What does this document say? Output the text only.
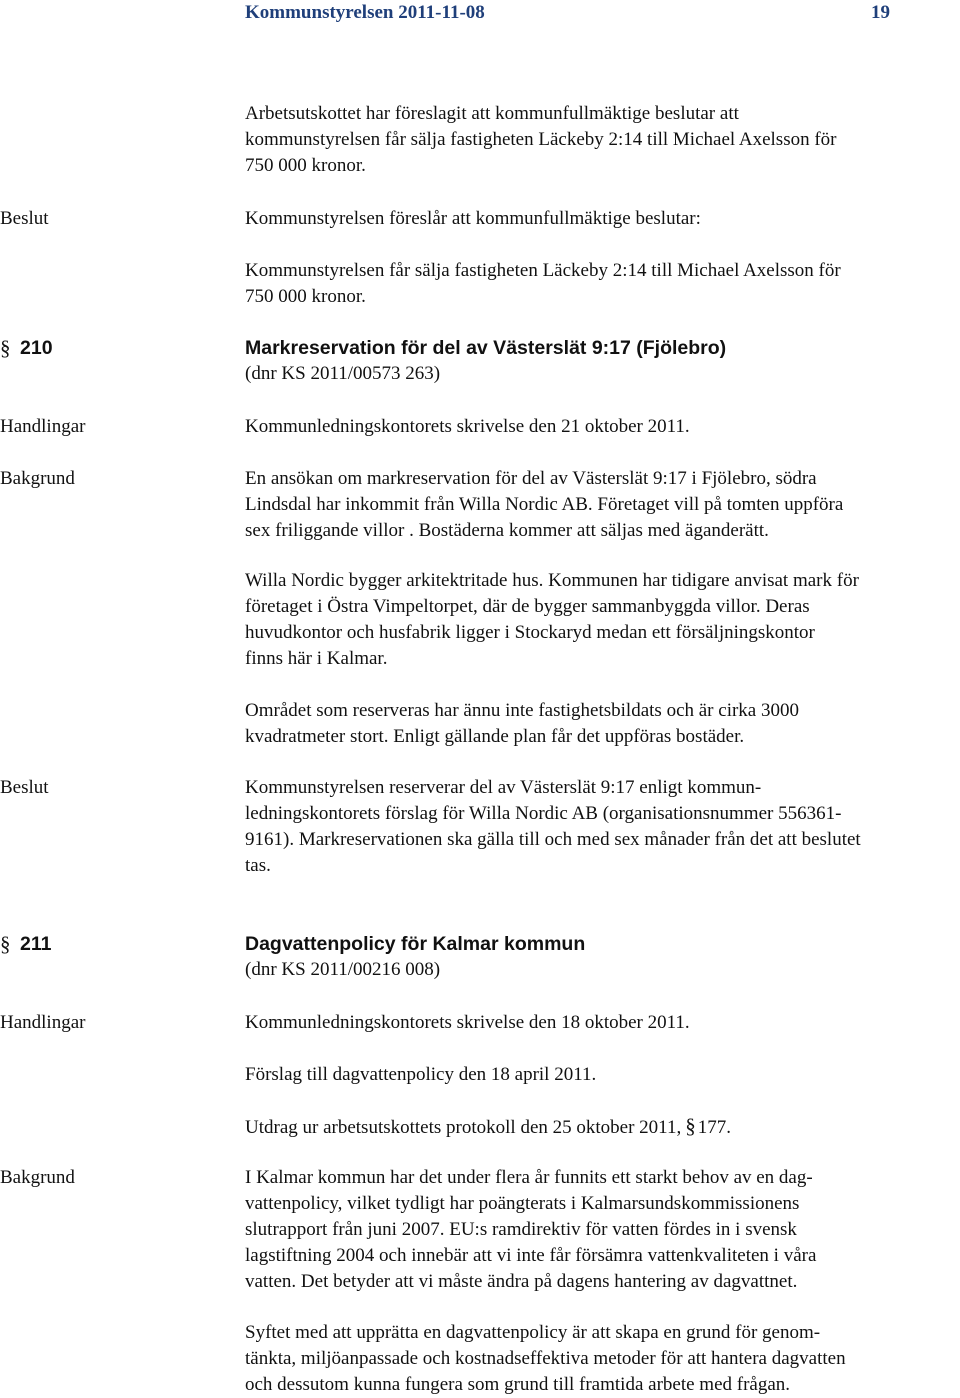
Kommunstyrelsen 2011-11-08	19
Arbetsutskottet har föreslagit att kommunfullmäktige beslutar att
kommunstyrelsen får sälja fastigheten Läckeby 2:14 till Michael Axelsson för
750 000 kronor.
Beslut	Kommunstyrelsen föreslår att kommunfullmäktige beslutar:
Kommunstyrelsen får sälja fastigheten Läckeby 2:14 till Michael Axelsson för
750 000 kronor.
§ 210	Markreservation för del av Västerslät 9:17 (Fjölebro)
(dnr KS 2011/00573 263)
Handlingar	Kommunledningskontorets skrivelse den 21 oktober 2011.
Bakgrund	En ansökan om markreservation för del av Västerslät 9:17 i Fjölebro, södra
Lindsdal har inkommit från Willa Nordic AB. Företaget vill på tomten uppföra
sex friliggande villor . Bostäderna kommer att säljas med äganderätt.
Willa Nordic bygger arkitektritade hus. Kommunen har tidigare anvisat mark för
företaget i Östra Vimpeltorpet, där de bygger sammanbyggda villor. Deras
huvudkontor och husfabrik ligger i Stockaryd medan ett försäljningskontor
finns här i Kalmar.
Området som reserveras har ännu inte fastighetsbildats och är cirka 3000
kvadratmeter stort. Enligt gällande plan får det uppföras bostäder.
Beslut	Kommunstyrelsen reserverar del av Västerslät 9:17 enligt kommun-
ledningskontorets förslag för Willa Nordic AB (organisationsnummer 556361-
9161). Markreservationen ska gälla till och med sex månader från det att beslutet
tas.
§ 211	Dagvattenpolicy för Kalmar kommun
(dnr KS 2011/00216 008)
Handlingar	Kommunledningskontorets skrivelse den 18 oktober 2011.
Förslag till dagvattenpolicy den 18 april 2011.
Utdrag ur arbetsutskottets protokoll den 25 oktober 2011, § 177.
Bakgrund	I Kalmar kommun har det under flera år funnits ett starkt behov av en dag-
vattenpolicy, vilket tydligt har poängterats i Kalmarsundskommissionens
slutrapport från juni 2007. EU:s ramdirektiv för vatten fördes in i svensk
lagstiftning 2004 och innebär att vi inte får försämra vattenkvaliteten i våra
vatten. Det betyder att vi måste ändra på dagens hantering av dagvattnet.
Syftet med att upprätta en dagvattenpolicy är att skapa en grund för genom-
tänkta, miljöanpassade och kostnadseffektiva metoder för att hantera dagvatten
och dessutom kunna fungera som grund till framtida arbete med frågan.
